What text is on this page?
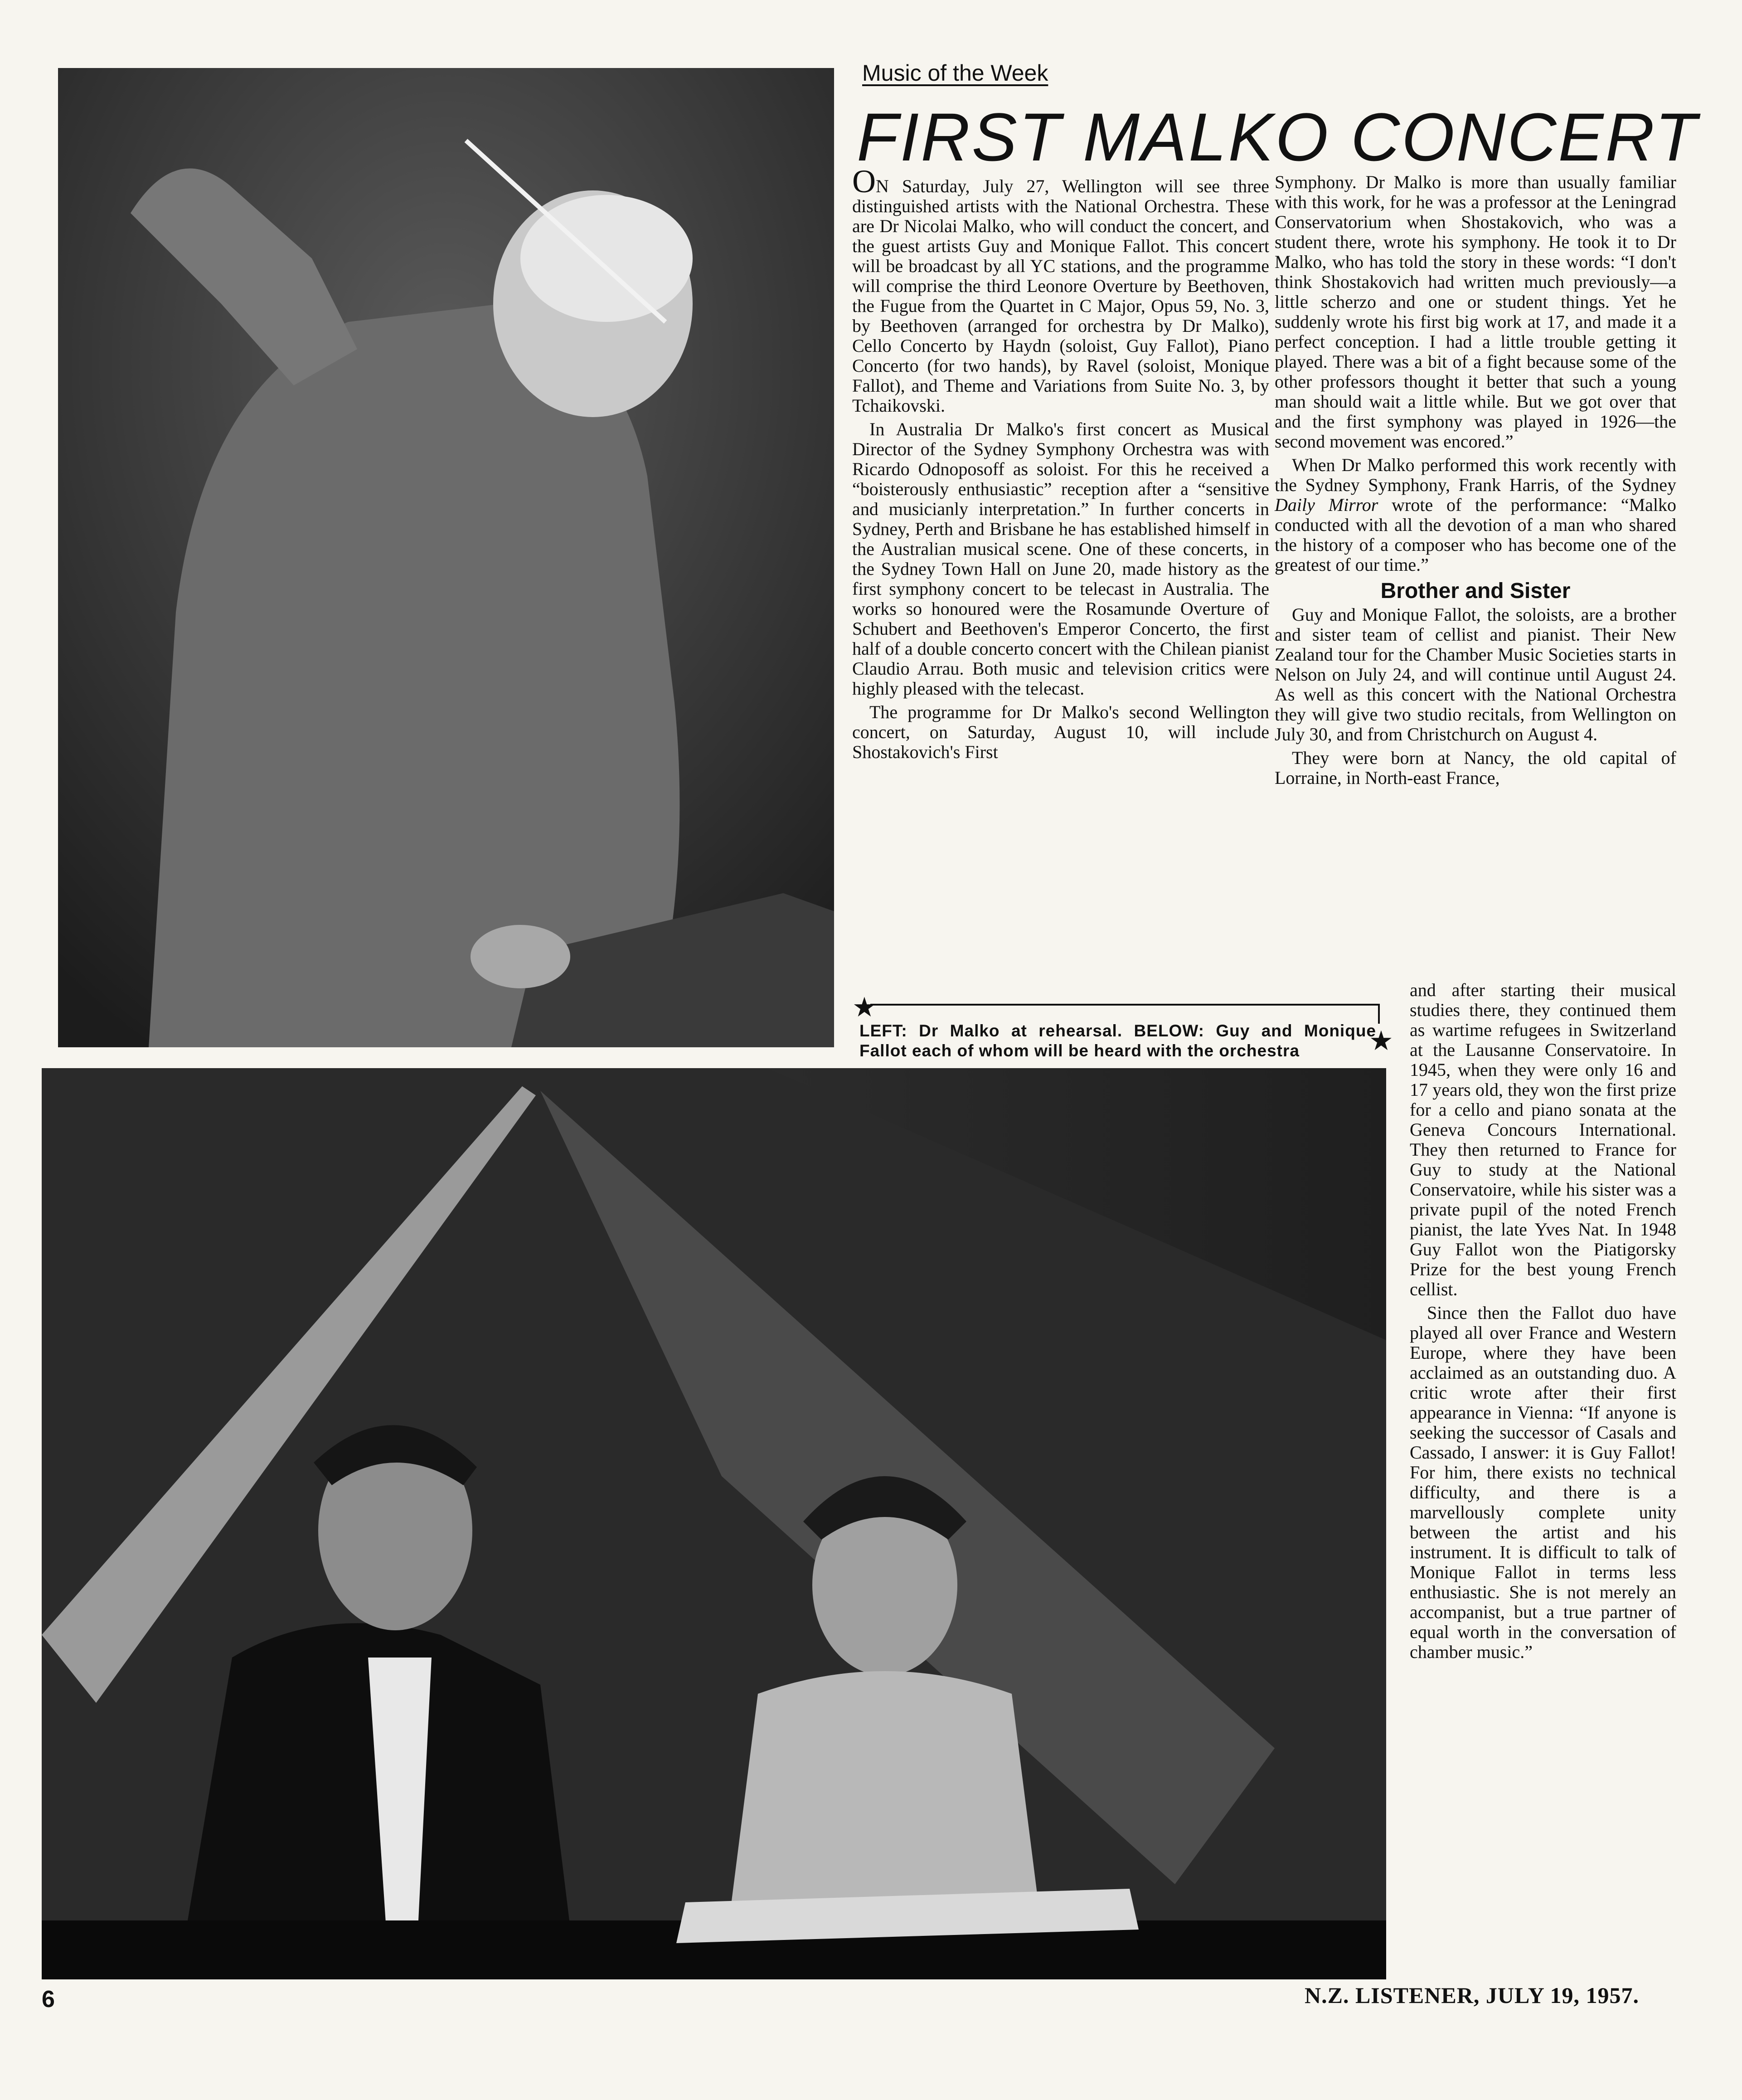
Music of the Week
FIRST MALKO CONCERT

ON Saturday, July 27, Wellington will see three distinguished artists with the National Orchestra. These are Dr Nicolai Malko, who will conduct the concert, and the guest artists Guy and Monique Fallot. This concert will be broadcast by all YC stations, and the programme will comprise the third Leonore Overture by Beethoven, the Fugue from the Quartet in C Major, Opus 59, No. 3, by Beethoven (arranged for orchestra by Dr Malko), Cello Concerto by Haydn (soloist, Guy Fallot), Piano Concerto (for two hands), by Ravel (soloist, Monique Fallot), and Theme and Variations from Suite No. 3, by Tchaikovski.

In Australia Dr Malko's first concert as Musical Director of the Sydney Symphony Orchestra was with Ricardo Odnoposoff as soloist. For this he received a “boisterously enthusiastic” reception after a “sensitive and musicianly interpretation.” In further concerts in Sydney, Perth and Brisbane he has established himself in the Australian musical scene. One of these concerts, in the Sydney Town Hall on June 20, made history as the first symphony concert to be telecast in Australia. The works so honoured were the Rosamunde Overture of Schubert and Beethoven's Emperor Concerto, the first half of a double concerto concert with the Chilean pianist Claudio Arrau. Both music and television critics were highly pleased with the telecast.

The programme for Dr Malko's second Wellington concert, on Saturday, August 10, will include Shostakovich's First

Symphony. Dr Malko is more than usually familiar with this work, for he was a professor at the Leningrad Conservatorium when Shostakovich, who was a student there, wrote his symphony. He took it to Dr Malko, who has told the story in these words: “I don't think Shostakovich had written much previously—a little scherzo and one or student things. Yet he suddenly wrote his first big work at 17, and made it a perfect conception. I had a little trouble getting it played. There was a bit of a fight because some of the other professors thought it better that such a young man should wait a little while. But we got over that and the first symphony was played in 1926—the second movement was encored.”

When Dr Malko performed this work recently with the Sydney Symphony, Frank Harris, of the Sydney Daily Mirror wrote of the performance: “Malko conducted with all the devotion of a man who shared the history of a composer who has become one of the greatest of our time.”

Brother and Sister

Guy and Monique Fallot, the soloists, are a brother and sister team of cellist and pianist. Their New Zealand tour for the Chamber Music Societies starts in Nelson on July 24, and will continue until August 24. As well as this concert with the National Orchestra they will give two studio recitals, from Wellington on July 30, and from Christchurch on August 4.

They were born at Nancy, the old capital of Lorraine, in North-east France,

and after starting their musical studies there, they continued them as wartime refugees in Switzerland at the Lausanne Conservatoire. In 1945, when they were only 16 and 17 years old, they won the first prize for a cello and piano sonata at the Geneva Concours International. They then returned to France for Guy to study at the National Conservatoire, while his sister was a private pupil of the noted French pianist, the late Yves Nat. In 1948 Guy Fallot won the Piatigorsky Prize for the best young French cellist.

Since then the Fallot duo have played all over France and Western Europe, where they have been acclaimed as an outstanding duo. A critic wrote after their first appearance in Vienna: “If anyone is seeking the successor of Casals and Cassado, I answer: it is Guy Fallot! For him, there exists no technical difficulty, and there is a marvellously complete unity between the artist and his instrument. It is difficult to talk of Monique Fallot in terms less enthusiastic. She is not merely an accompanist, but a true partner of equal worth in the conversation of chamber music.”

★
★
LEFT: Dr Malko at rehearsal. BELOW: Guy and Monique Fallot each of whom will be heard with the orchestra
6	N.Z. LISTENER, JULY 19, 1957.
